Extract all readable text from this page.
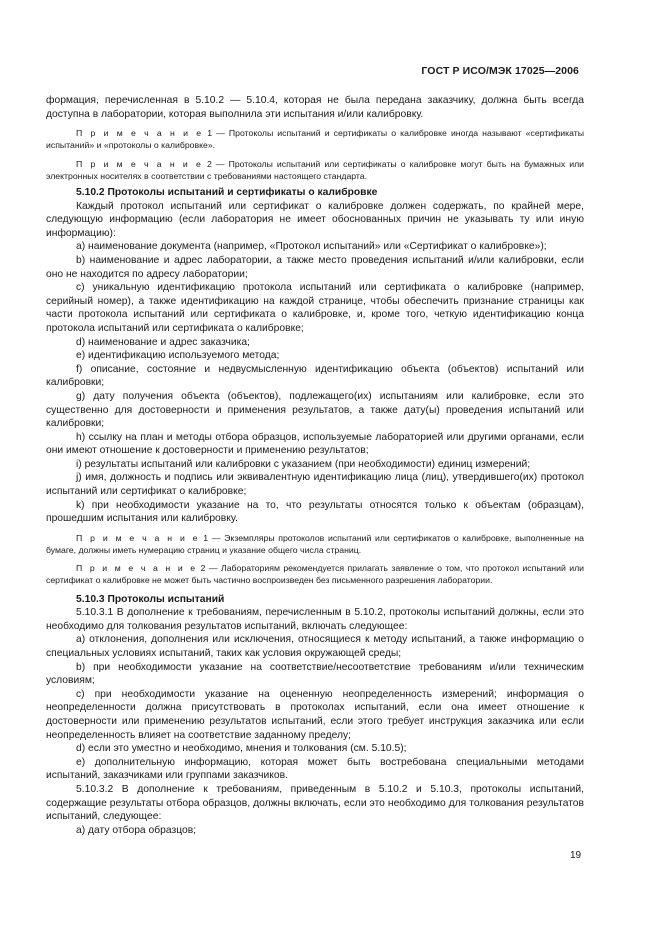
ГОСТ Р ИСО/МЭК 17025—2006

формация, перечисленная в 5.10.2 — 5.10.4, которая не была передана заказчику, должна быть всегда доступна в лаборатории, которая выполнила эти испытания и/или калибровку.

П р и м е ч а н и е 1 — Протоколы испытаний и сертификаты о калибровке иногда называют «сертификаты испытаний» и «протоколы о калибровке».

П р и м е ч а н и е 2 — Протоколы испытаний или сертификаты о калибровке могут быть на бумажных или электронных носителях в соответствии с требованиями настоящего стандарта.

5.10.2 Протоколы испытаний и сертификаты о калибровке

Каждый протокол испытаний или сертификат о калибровке должен содержать, по крайней мере, следующую информацию (если лаборатория не имеет обоснованных причин не указывать ту или иную информацию):

а) наименование документа (например, «Протокол испытаний» или «Сертификат о калибровке»);

b) наименование и адрес лаборатории, а также место проведения испытаний и/или калибровки, если оно не находится по адресу лаборатории;

c) уникальную идентификацию протокола испытаний или сертификата о калибровке (например, серийный номер), а также идентификацию на каждой странице, чтобы обеспечить признание страницы как части протокола испытаний или сертификата о калибровке, и, кроме того, четкую идентификацию конца протокола испытаний или сертификата о калибровке;

d) наименование и адрес заказчика;

e) идентификацию используемого метода;

f) описание, состояние и недвусмысленную идентификацию объекта (объектов) испытаний или калибровки;

g) дату получения объекта (объектов), подлежащего(их) испытаниям или калибровке, если это существенно для достоверности и применения результатов, а также дату(ы) проведения испытаний или калибровки;

h) ссылку на план и методы отбора образцов, используемые лабораторией или другими органами, если они имеют отношение к достоверности и применению результатов;

i) результаты испытаний или калибровки с указанием (при необходимости) единиц измерений;

j) имя, должность и подпись или эквивалентную идентификацию лица (лиц), утвердившего(их) протокол испытаний или сертификат о калибровке;

k) при необходимости указание на то, что результаты относятся только к объектам (образцам), прошедшим испытания или калибровку.

П р и м е ч а н и е 1 — Экземпляры протоколов испытаний или сертификатов о калибровке, выполненные на бумаге, должны иметь нумерацию страниц и указание общего числа страниц.

П р и м е ч а н и е 2 — Лабораториям рекомендуется прилагать заявление о том, что протокол испытаний или сертификат о калибровке не может быть частично воспроизведен без письменного разрешения лаборатории.

5.10.3 Протоколы испытаний

5.10.3.1 В дополнение к требованиям, перечисленным в 5.10.2, протоколы испытаний должны, если это необходимо для толкования результатов испытаний, включать следующее:

а) отклонения, дополнения или исключения, относящиеся к методу испытаний, а также информацию о специальных условиях испытаний, таких как условия окружающей среды;

b) при необходимости указание на соответствие/несоответствие требованиям и/или техническим условиям;

c) при необходимости указание на оцененную неопределенность измерений; информация о неопределенности должна присутствовать в протоколах испытаний, если она имеет отношение к достоверности или применению результатов испытаний, если этого требует инструкция заказчика или если неопределенность влияет на соответствие заданному пределу;

d) если это уместно и необходимо, мнения и толкования (см. 5.10.5);

e) дополнительную информацию, которая может быть востребована специальными методами испытаний, заказчиками или группами заказчиков.

5.10.3.2 В дополнение к требованиям, приведенным в 5.10.2 и 5.10.3, протоколы испытаний, содержащие результаты отбора образцов, должны включать, если это необходимо для толкования результатов испытаний, следующее:

а) дату отбора образцов;

19
